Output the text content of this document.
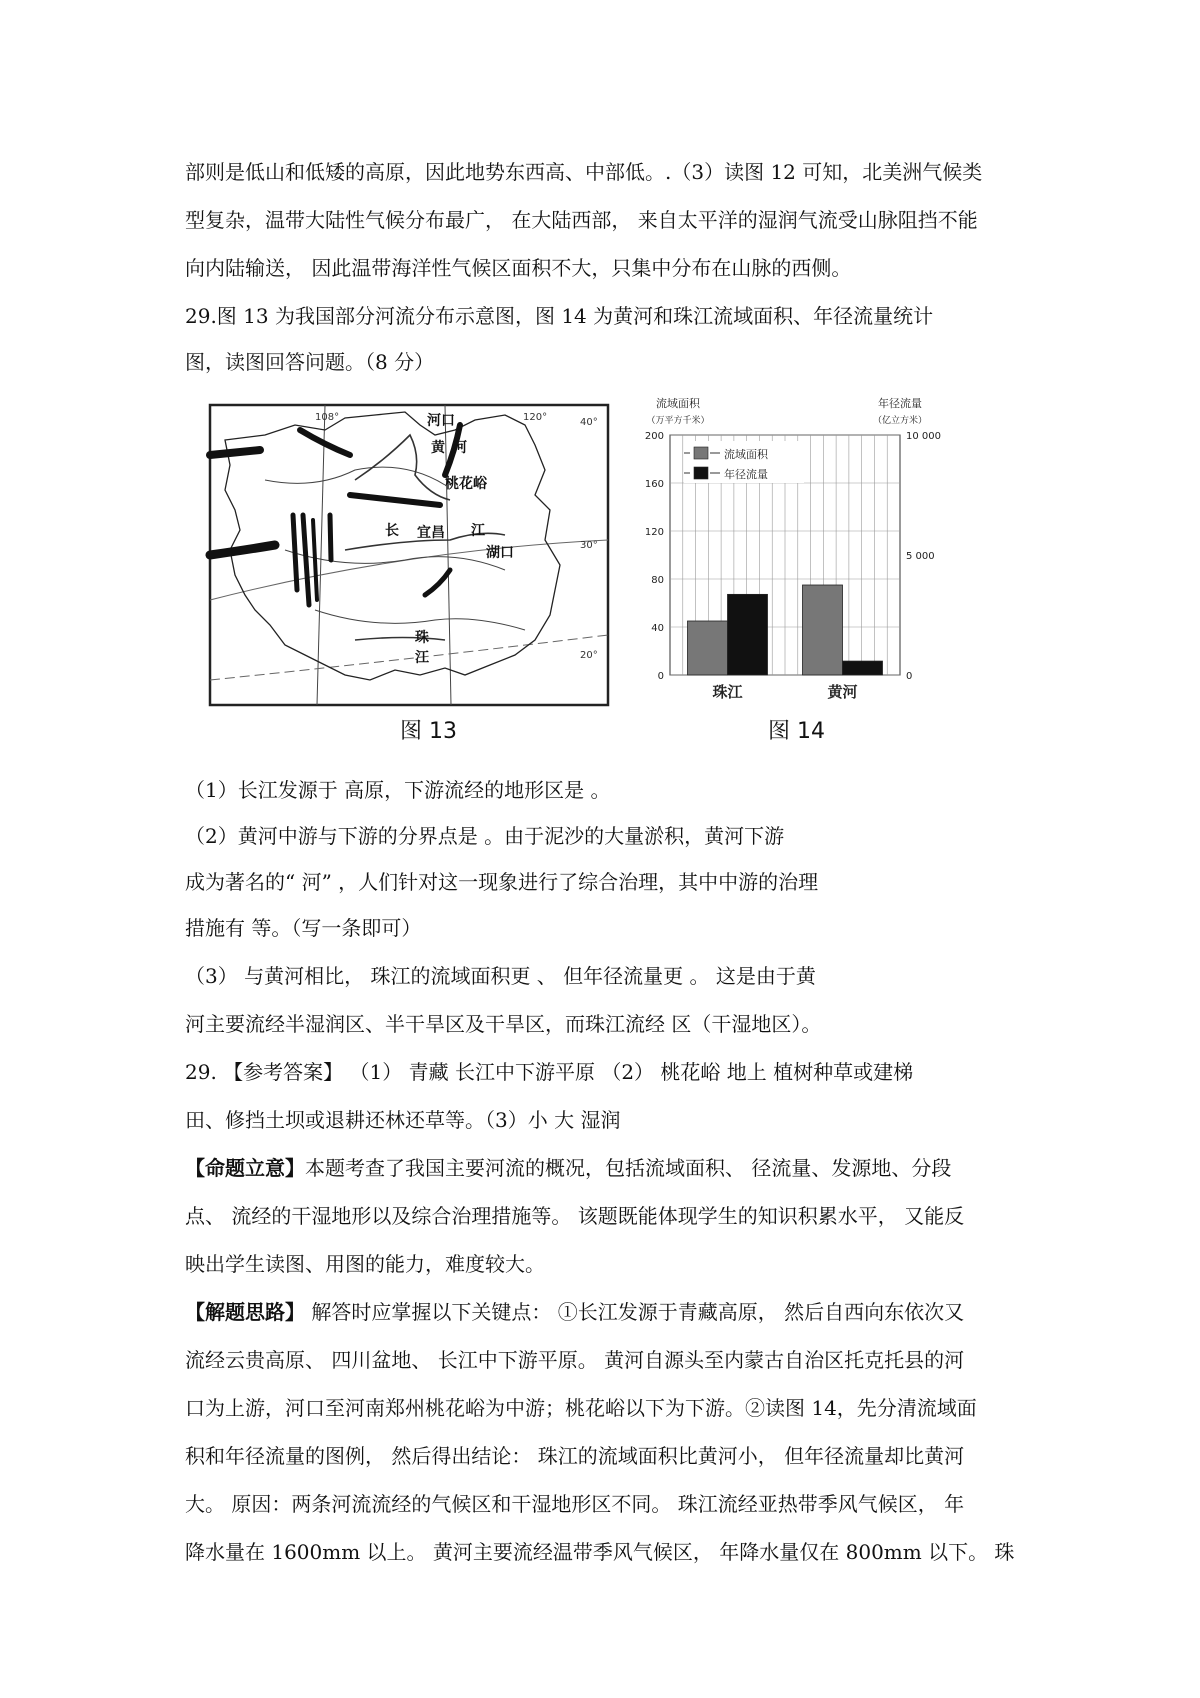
部则是低山和低矮的高原，因此地势东西高、中部低。.（3）读图 12 可知，北美洲气候类
型复杂，温带大陆性气候分布最广， 在大陆西部， 来自太平洋的湿润气流受山脉阻挡不能
向内陆输送， 因此温带海洋性气候区面积不大，只集中分布在山脉的西侧。
29.图 13 为我国部分河流分布示意图，图 14 为黄河和珠江流域面积、年径流量统计
图，读图回答问题。（8 分）
108°	120°	40°
30°
20°
河口
黄 河
桃花峪
长	江
宜昌
湖口
珠
江
图 13
流域面积
（万平方千米）
年径流量
（亿立方米）
0
40
80
120
160
200
0
5 000
10 000
珠江	黄河
流域面积
年径流量
图 14
（1）长江发源于 高原，下游流经的地形区是 。
（2）黄河中游与下游的分界点是 。由于泥沙的大量淤积，黄河下游
成为著名的“ 河” ，人们针对这一现象进行了综合治理，其中中游的治理
措施有 等。（写一条即可）
（3） 与黄河相比， 珠江的流域面积更 、 但年径流量更 。 这是由于黄
河主要流经半湿润区、半干旱区及干旱区，而珠江流经 区（干湿地区）。
29. 【参考答案】 （1） 青藏 长江中下游平原 （2） 桃花峪 地上 植树种草或建梯
田、修挡土坝或退耕还林还草等。（3）小 大 湿润
【命题立意】本题考查了我国主要河流的概况，包括流域面积、 径流量、发源地、分段
点、 流经的干湿地形以及综合治理措施等。 该题既能体现学生的知识积累水平， 又能反
映出学生读图、用图的能力，难度较大。
【解题思路】 解答时应掌握以下关键点： ①长江发源于青藏高原， 然后自西向东依次又
流经云贵高原、 四川盆地、 长江中下游平原。 黄河自源头至内蒙古自治区托克托县的河
口为上游，河口至河南郑州桃花峪为中游；桃花峪以下为下游。②读图 14，先分清流域面
积和年径流量的图例， 然后得出结论： 珠江的流域面积比黄河小， 但年径流量却比黄河
大。 原因：两条河流流经的气候区和干湿地形区不同。 珠江流经亚热带季风气候区， 年
降水量在 1600mm 以上。 黄河主要流经温带季风气候区， 年降水量仅在 800mm 以下。 珠
